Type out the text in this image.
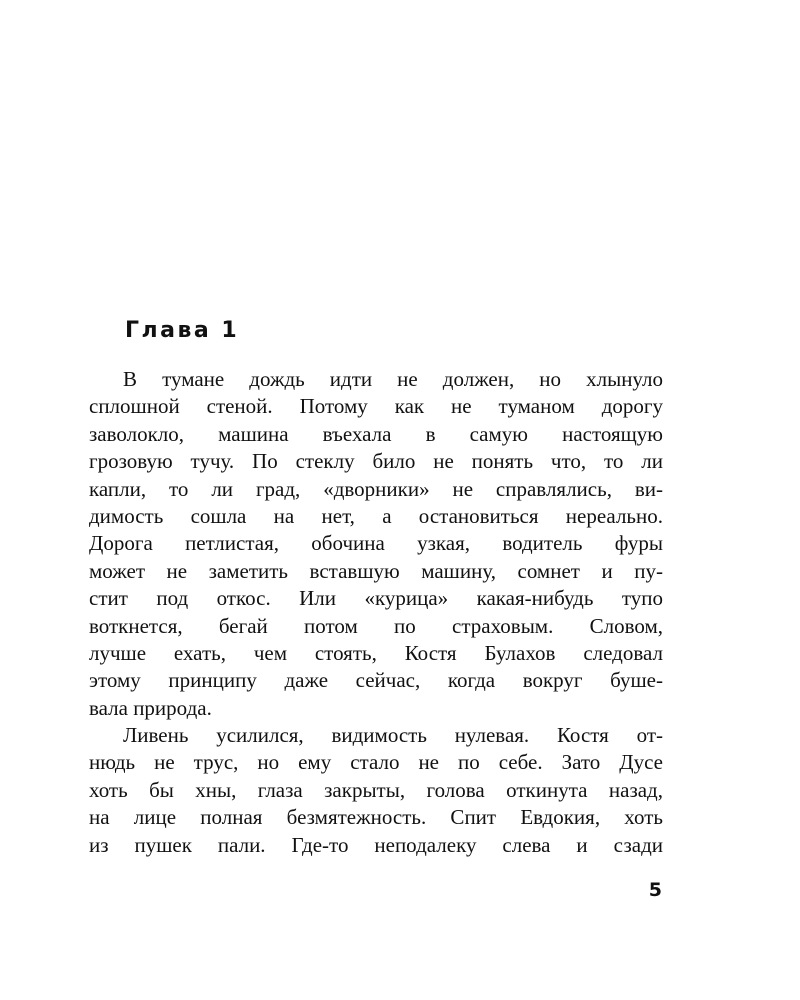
Глава 1
В тумане дождь идти не должен, но хлынуло
сплошной стеной. Потому как не туманом дорогу
заволокло, машина въехала в самую настоящую
грозовую тучу. По стеклу било не понять что, то ли
капли, то ли град, «дворники» не справлялись, ви-
димость сошла на нет, а остановиться нереально.
Дорога петлистая, обочина узкая, водитель фуры
может не заметить вставшую машину, сомнет и пу-
стит под откос. Или «курица» какая-нибудь тупо
воткнется, бегай потом по страховым. Словом,
лучше ехать, чем стоять, Костя Булахов следовал
этому принципу даже сейчас, когда вокруг буше-
вала природа.
Ливень усилился, видимость нулевая. Костя от-
нюдь не трус, но ему стало не по себе. Зато Дусе
хоть бы хны, глаза закрыты, голова откинута назад,
на лице полная безмятежность. Спит Евдокия, хоть
из пушек пали. Где-то неподалеку слева и сзади
5
